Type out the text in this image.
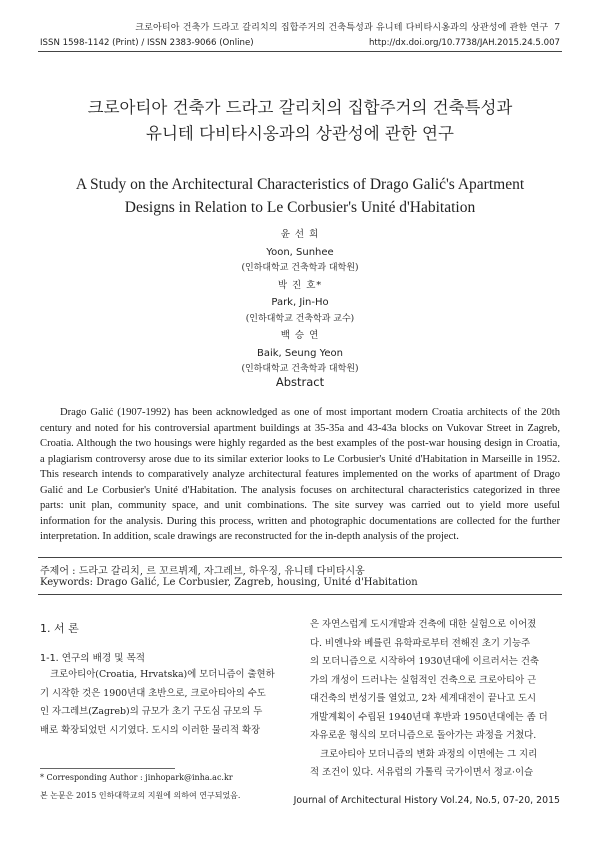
크로아티아 건축가 드라고 갈리치의 집합주거의 건축특성과 유니테 다비타시옹과의 상관성에 관한 연구 7
ISSN 1598-1142 (Print) / ISSN 2383-9066 (Online)	http://dx.doi.org/10.7738/JAH.2015.24.5.007
크로아티아 건축가 드라고 갈리치의 집합주거의 건축특성과
유니테 다비타시옹과의 상관성에 관한 연구
A Study on the Architectural Characteristics of Drago Galić's Apartment
Designs in Relation to Le Corbusier's Unité d'Habitation
윤 선 희
Yoon, Sunhee
(인하대학교 건축학과 대학원)
박 진 호*
Park, Jin-Ho
(인하대학교 건축학과 교수)
백 승 연
Baik, Seung Yeon
(인하대학교 건축학과 대학원)
Abstract
Drago Galić (1907-1992) has been acknowledged as one of most important modern Croatia architects of the 20th century and noted for his controversial apartment buildings at 35-35a and 43-43a blocks on Vukovar Street in Zagreb, Croatia. Although the two housings were highly regarded as the best examples of the post-war housing design in Croatia, a plagiarism controversy arose due to its similar exterior looks to Le Corbusier's Unité d'Habitation in Marseille in 1952. This research intends to comparatively analyze architectural features implemented on the works of apartment of Drago Galić and Le Corbusier's Unité d'Habitation. The analysis focuses on architectural characteristics categorized in three parts: unit plan, community space, and unit combinations. The site survey was carried out to yield more useful information for the analysis. During this process, written and photographic documentations are collected for the further interpretation. In addition, scale drawings are reconstructed for the in-depth analysis of the project.
주제어 : 드라고 갈리치, 르 꼬르뷔제, 자그레브, 하우징, 유니테 다비타시옹
Keywords: Drago Galić, Le Corbusier, Zagreb, housing, Unité d'Habitation
1. 서 론
1-1. 연구의 배경 및 목적
크로아티아(Croatia, Hrvatska)에 모더니즘이 출현하
기 시작한 것은 1900년대 초반으로, 크로아티아의 수도
인 자그레브(Zagreb)의 규모가 초기 구도심 규모의 두
배로 확장되었던 시기였다. 도시의 이러한 물리적 확장
* Corresponding Author : jinhopark@inha.ac.kr
본 논문은 2015 인하대학교의 지원에 의하여 연구되었음.
은 자연스럽게 도시개발과 건축에 대한 실험으로 이어졌
다. 비엔나와 베를린 유학파로부터 전해진 초기 기능주
의 모더니즘으로 시작하여 1930년대에 이르러서는 건축
가의 개성이 드러나는 실험적인 건축으로 크로아티아 근
대건축의 번성기를 열었고, 2차 세계대전이 끝나고 도시
개발계획이 수립된 1940년대 후반과 1950년대에는 좀 더
자유로운 형식의 모더니즘으로 돌아가는 과정을 거쳤다.
크로아티아 모더니즘의 변화 과정의 이면에는 그 지리
적 조건이 있다. 서유럽의 가톨릭 국가이면서 정교·이슬
Journal of Architectural History Vol.24, No.5, 07-20, 2015
